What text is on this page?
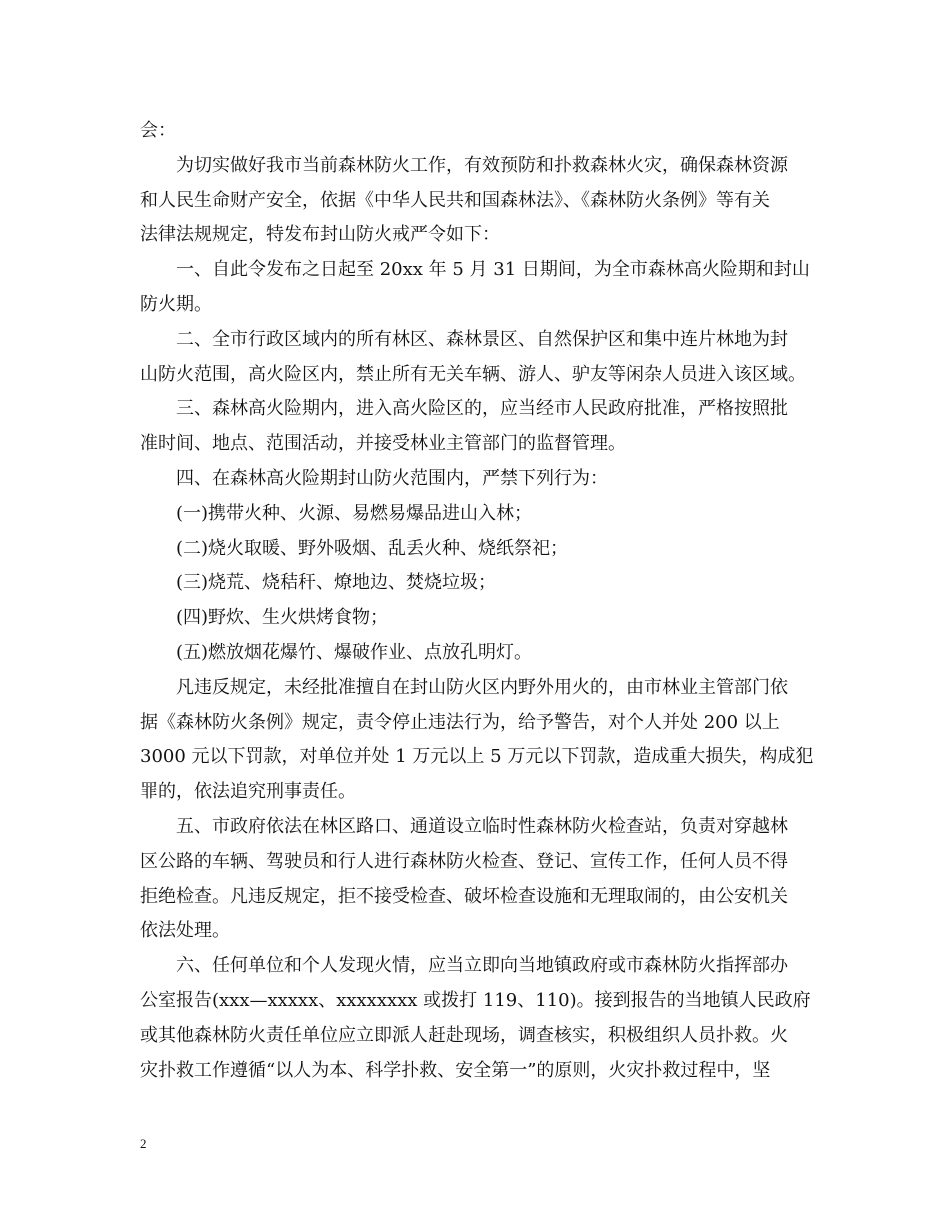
会：
为切实做好我市当前森林防火工作，有效预防和扑救森林火灾，确保森林资源
和人民生命财产安全，依据《中华人民共和国森林法》、《森林防火条例》等有关
法律法规规定，特发布封山防火戒严令如下：
一、自此令发布之日起至 20xx 年 5 月 31 日期间，为全市森林高火险期和封山
防火期。
二、全市行政区域内的所有林区、森林景区、自然保护区和集中连片林地为封
山防火范围，高火险区内，禁止所有无关车辆、游人、驴友等闲杂人员进入该区域。
三、森林高火险期内，进入高火险区的，应当经市人民政府批准，严格按照批
准时间、地点、范围活动，并接受林业主管部门的监督管理。
四、在森林高火险期封山防火范围内，严禁下列行为：
(一)携带火种、火源、易燃易爆品进山入林；
(二)烧火取暖、野外吸烟、乱丢火种、烧纸祭祀；
(三)烧荒、烧秸秆、燎地边、焚烧垃圾；
(四)野炊、生火烘烤食物；
(五)燃放烟花爆竹、爆破作业、点放孔明灯。
凡违反规定，未经批准擅自在封山防火区内野外用火的，由市林业主管部门依
据《森林防火条例》规定，责令停止违法行为，给予警告，对个人并处 200 以上
3000 元以下罚款，对单位并处 1 万元以上 5 万元以下罚款，造成重大损失，构成犯
罪的，依法追究刑事责任。
五、市政府依法在林区路口、通道设立临时性森林防火检查站，负责对穿越林
区公路的车辆、驾驶员和行人进行森林防火检查、登记、宣传工作，任何人员不得
拒绝检查。凡违反规定，拒不接受检查、破坏检查设施和无理取闹的，由公安机关
依法处理。
六、任何单位和个人发现火情，应当立即向当地镇政府或市森林防火指挥部办
公室报告(xxx—xxxxx、xxxxxxxx 或拨打 119、110)。接到报告的当地镇人民政府
或其他森林防火责任单位应立即派人赶赴现场，调查核实，积极组织人员扑救。火
灾扑救工作遵循“以人为本、科学扑救、安全第一”的原则，火灾扑救过程中，坚
2
